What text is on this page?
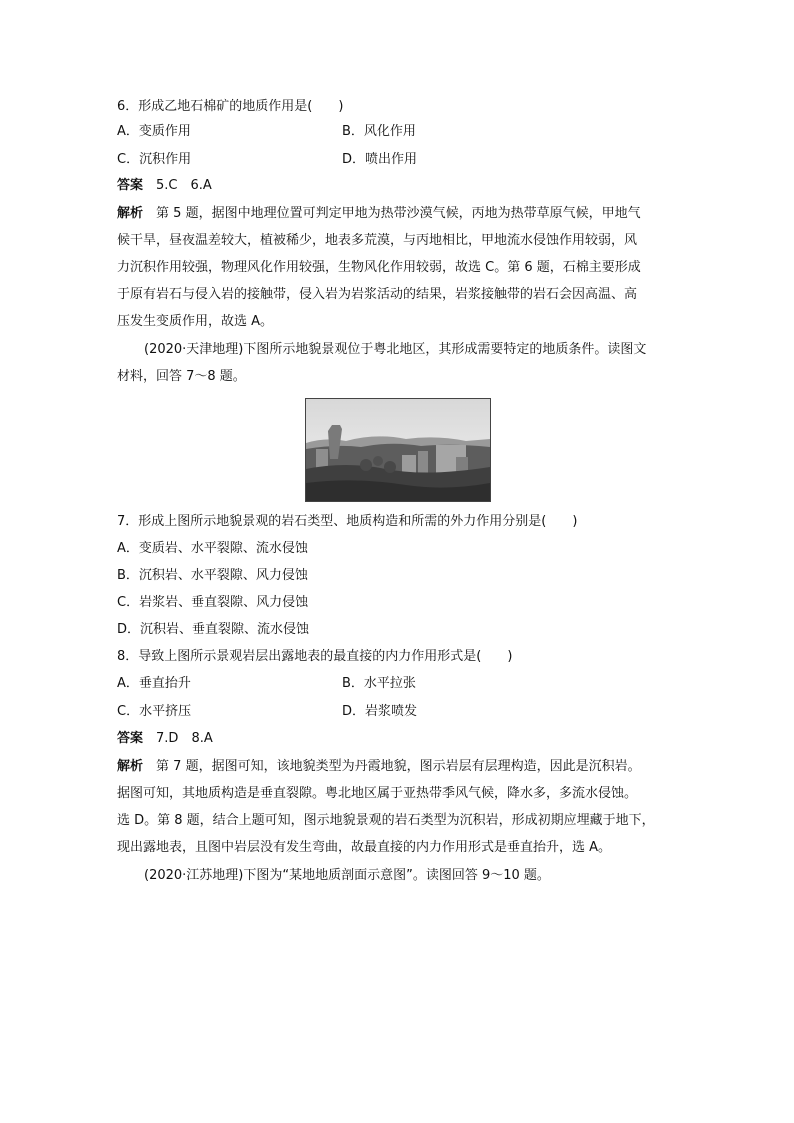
6．形成乙地石棉矿的地质作用是(　　)
A．变质作用	B．风化作用
C．沉积作用	D．喷出作用
答案　 5.C　6.A
解析　 第 5 题，据图中地理位置可判定甲地为热带沙漠气候，丙地为热带草原气候，甲地气
候干旱，昼夜温差较大，植被稀少，地表多荒漠，与丙地相比，甲地流水侵蚀作用较弱，风
力沉积作用较强，物理风化作用较强，生物风化作用较弱，故选 C。第 6 题，石棉主要形成
于原有岩石与侵入岩的接触带，侵入岩为岩浆活动的结果，岩浆接触带的岩石会因高温、高
压发生变质作用，故选 A。
(2020·天津地理)下图所示地貌景观位于粤北地区，其形成需要特定的地质条件。读图文
材料，回答 7～8 题。
7．形成上图所示地貌景观的岩石类型、地质构造和所需的外力作用分别是(　　)
A．变质岩、水平裂隙、流水侵蚀
B．沉积岩、水平裂隙、风力侵蚀
C．岩浆岩、垂直裂隙、风力侵蚀
D．沉积岩、垂直裂隙、流水侵蚀
8．导致上图所示景观岩层出露地表的最直接的内力作用形式是(　　)
A．垂直抬升	B．水平拉张
C．水平挤压	D．岩浆喷发
答案　 7.D　8.A
解析　 第 7 题，据图可知，该地貌类型为丹霞地貌，图示岩层有层理构造，因此是沉积岩。
据图可知，其地质构造是垂直裂隙。粤北地区属于亚热带季风气候，降水多，多流水侵蚀。
选 D。第 8 题，结合上题可知，图示地貌景观的岩石类型为沉积岩，形成初期应埋藏于地下，
现出露地表，且图中岩层没有发生弯曲，故最直接的内力作用形式是垂直抬升，选 A。
(2020·江苏地理)下图为“某地地质剖面示意图”。读图回答 9～10 题。
